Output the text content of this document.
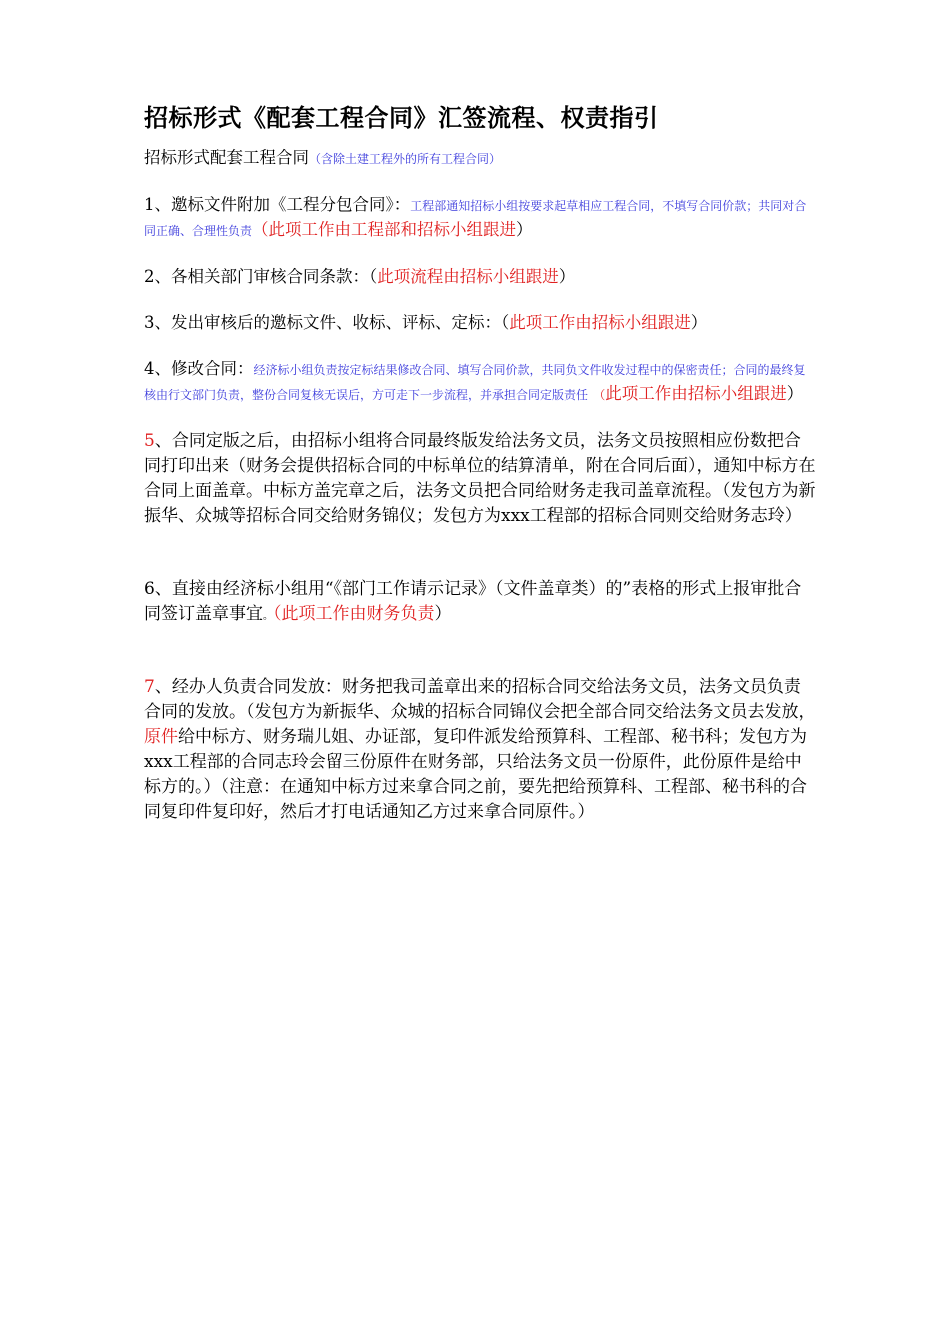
招标形式《配套工程合同》汇签流程、权责指引

招标形式配套工程合同（含除土建工程外的所有工程合同）

1、邀标文件附加《工程分包合同》：工程部通知招标小组按要求起草相应工程合同，不填写合同价款；共同对合同正确、合理性负责（此项工作由工程部和招标小组跟进）

2、各相关部门审核合同条款：（此项流程由招标小组跟进）

3、发出审核后的邀标文件、收标、评标、定标：（此项工作由招标小组跟进）

4、修改合同：经济标小组负责按定标结果修改合同、填写合同价款，共同负文件收发过程中的保密责任；合同的最终复核由行文部门负责，整份合同复核无误后，方可走下一步流程，并承担合同定版责任 （此项工作由招标小组跟进）

5、合同定版之后，由招标小组将合同最终版发给法务文员，法务文员按照相应份数把合同打印出来（财务会提供招标合同的中标单位的结算清单，附在合同后面），通知中标方在合同上面盖章。中标方盖完章之后，法务文员把合同给财务走我司盖章流程。（发包方为新振华、众城等招标合同交给财务锦仪；发包方为xxx工程部的招标合同则交给财务志玲）

6、直接由经济标小组用“《部门工作请示记录》（文件盖章类）的”表格的形式上报审批合同签订盖章事宜。（此项工作由财务负责）

7、经办人负责合同发放：财务把我司盖章出来的招标合同交给法务文员，法务文员负责合同的发放。（发包方为新振华、众城的招标合同锦仪会把全部合同交给法务文员去发放，原件给中标方、财务瑞儿姐、办证部，复印件派发给预算科、工程部、秘书科；发包方为xxx工程部的合同志玲会留三份原件在财务部，只给法务文员一份原件，此份原件是给中标方的。）（注意：在通知中标方过来拿合同之前，要先把给预算科、工程部、秘书科的合同复印件复印好，然后才打电话通知乙方过来拿合同原件。）
